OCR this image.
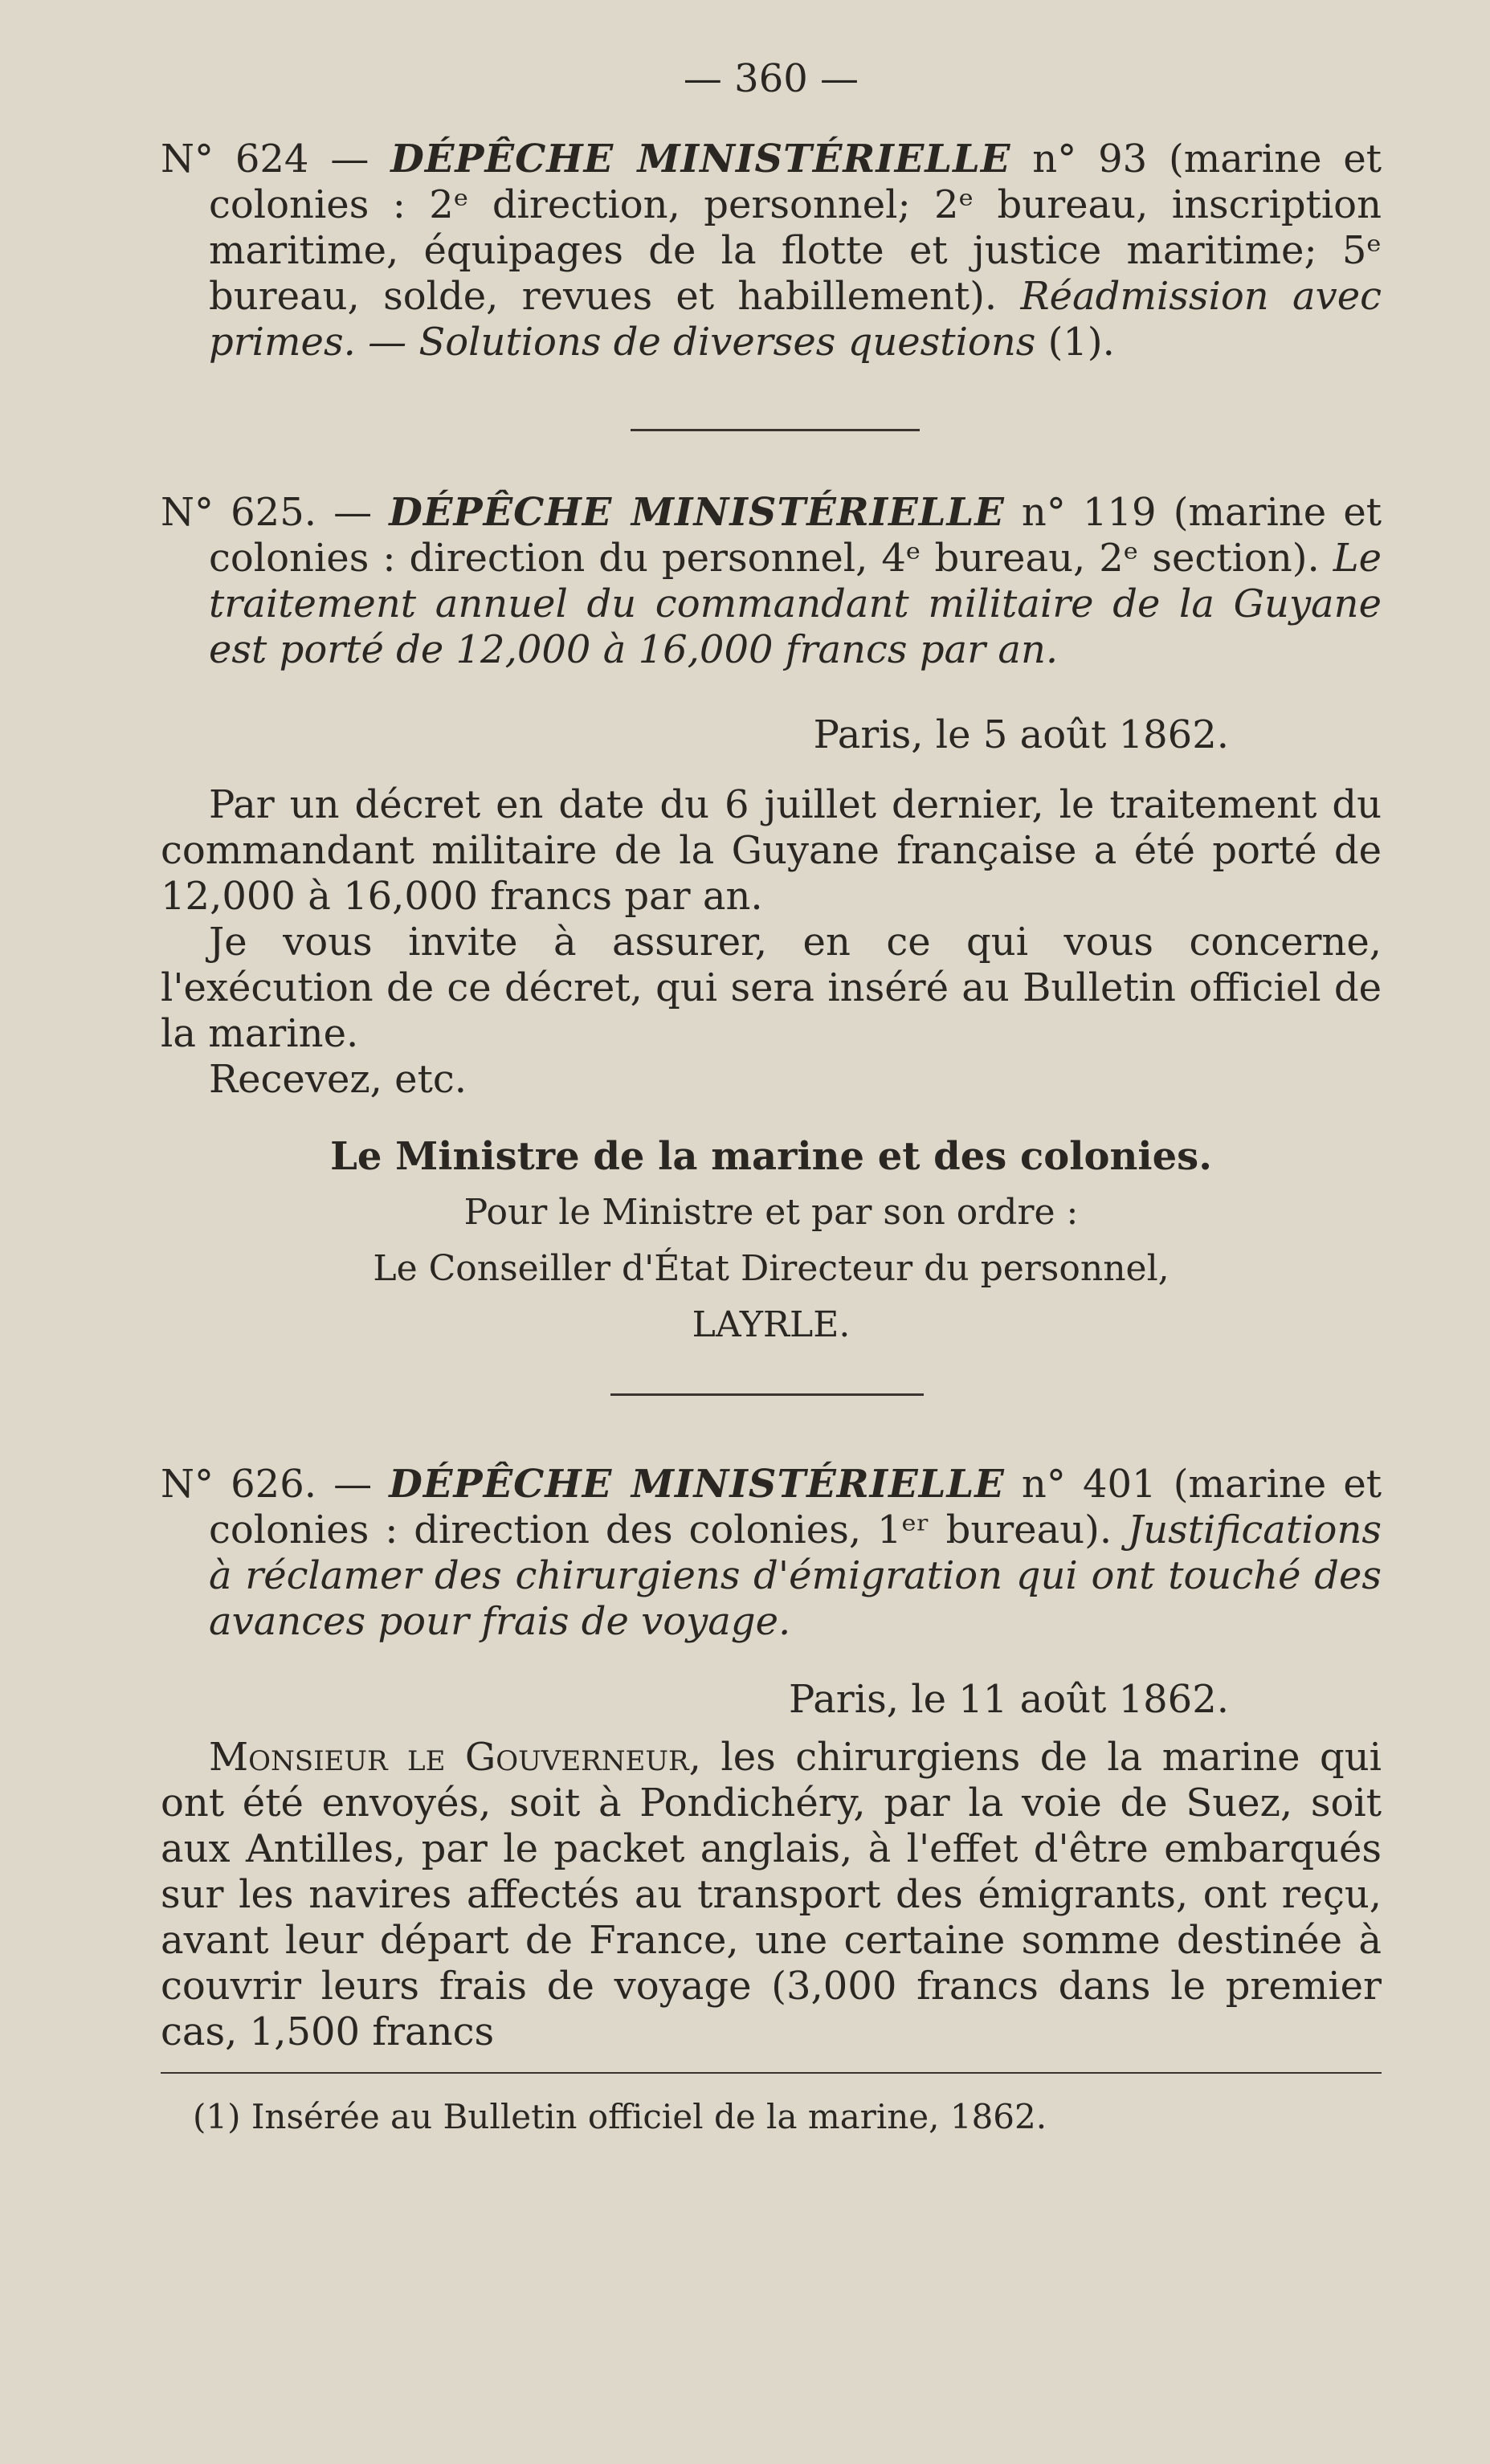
— 360 —

N° 624 — DÉPÊCHE MINISTÉRIELLE n° 93 (marine et colonies : 2ᵉ direction, personnel; 2ᵉ bureau, inscription maritime, équipages de la flotte et justice maritime; 5ᵉ bureau, solde, revues et habillement). Réadmission avec primes. — Solutions de diverses questions (1).

N° 625. — DÉPÊCHE MINISTÉRIELLE n° 119 (marine et colonies : direction du personnel, 4ᵉ bureau, 2ᵉ section). Le traitement annuel du commandant militaire de la Guyane est porté de 12,000 à 16,000 francs par an.

Paris, le 5 août 1862.

Par un décret en date du 6 juillet dernier, le traitement du commandant militaire de la Guyane française a été porté de 12,000 à 16,000 francs par an.

Je vous invite à assurer, en ce qui vous concerne, l'exécution de ce décret, qui sera inséré au Bulletin officiel de la marine.

Recevez, etc.

Le Ministre de la marine et des colonies.

Pour le Ministre et par son ordre :

Le Conseiller d'État Directeur du personnel,

LAYRLE.

N° 626. — DÉPÊCHE MINISTÉRIELLE n° 401 (marine et colonies : direction des colonies, 1ᵉʳ bureau). Justifications à réclamer des chirurgiens d'émigration qui ont touché des avances pour frais de voyage.

Paris, le 11 août 1862.

Monsieur le Gouverneur, les chirurgiens de la marine qui ont été envoyés, soit à Pondichéry, par la voie de Suez, soit aux Antilles, par le packet anglais, à l'effet d'être embarqués sur les navires affectés au transport des émigrants, ont reçu, avant leur départ de France, une certaine somme destinée à couvrir leurs frais de voyage (3,000 francs dans le premier cas, 1,500 francs

(1) Insérée au Bulletin officiel de la marine, 1862.
